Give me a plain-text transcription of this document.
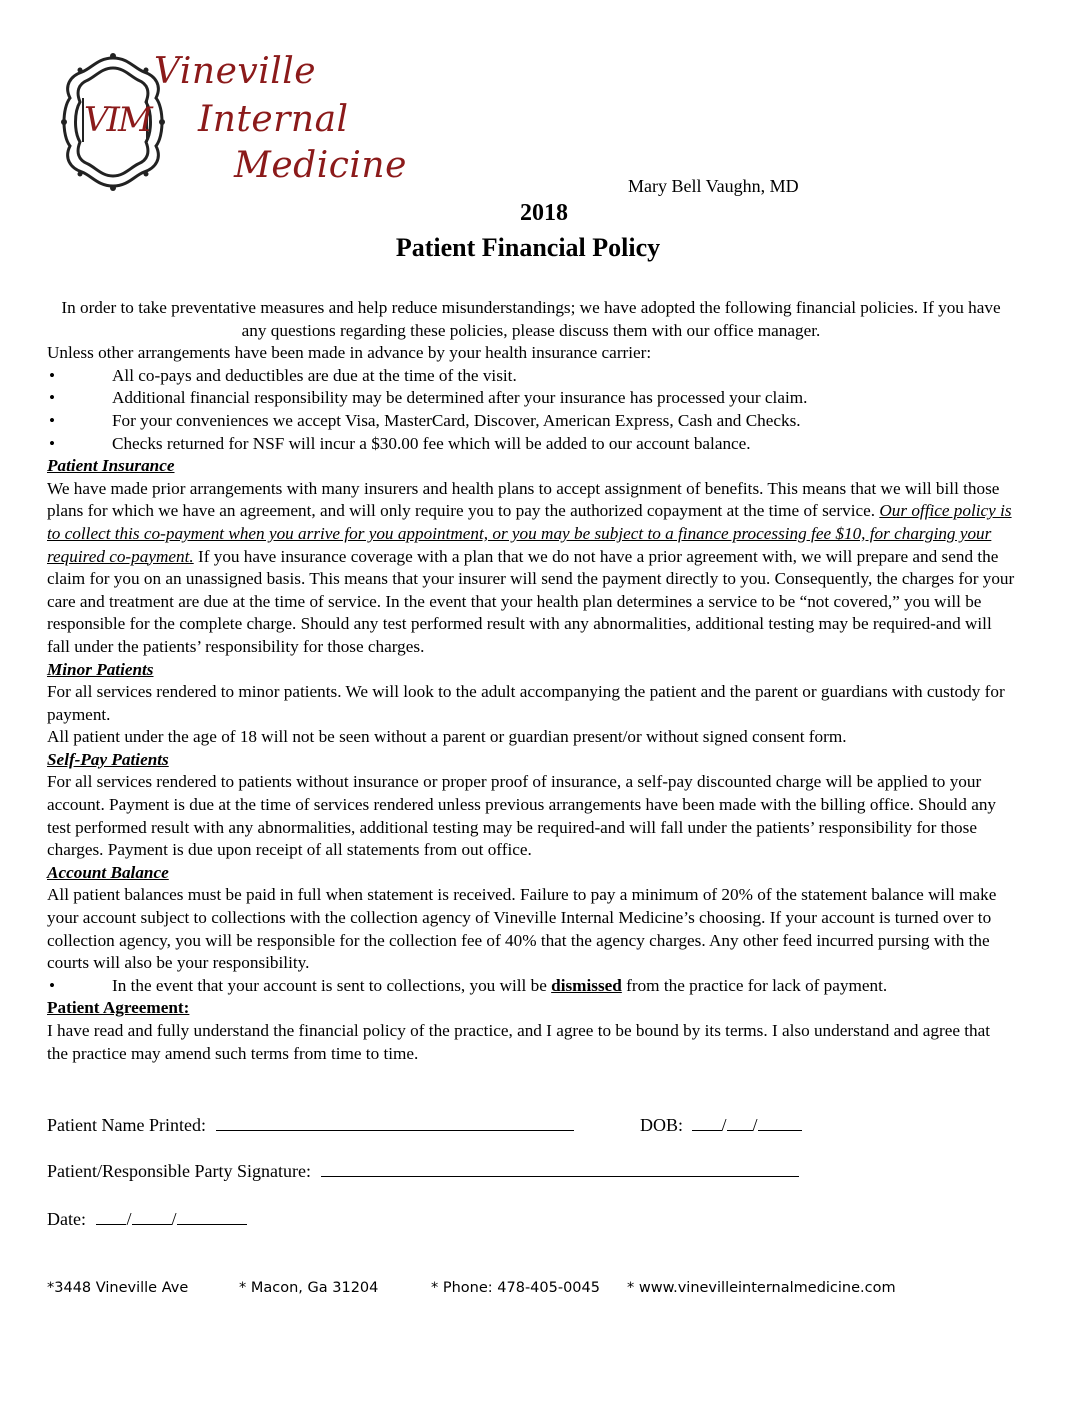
VIM
Vineville
Internal
Medicine	Mary Bell Vaughn, MD
2018
Patient Financial Policy

In order to take preventative measures and help reduce misunderstandings; we have adopted the following financial policies. If you have any questions regarding these policies, please discuss them with our office manager.

Unless other arrangements have been made in advance by your health insurance carrier:

• All co-pays and deductibles are due at the time of the visit.

• Additional financial responsibility may be determined after your insurance has processed your claim.

• For your conveniences we accept Visa, MasterCard, Discover, American Express, Cash and Checks.

• Checks returned for NSF will incur a $30.00 fee which will be added to our account balance.

Patient Insurance

We have made prior arrangements with many insurers and health plans to accept assignment of benefits. This means that we will bill those plans for which we have an agreement, and will only require you to pay the authorized copayment at the time of service. Our office policy is to collect this co-payment when you arrive for you appointment, or you may be subject to a finance processing fee $10, for charging your required co-payment. If you have insurance coverage with a plan that we do not have a prior agreement with, we will prepare and send the claim for you on an unassigned basis. This means that your insurer will send the payment directly to you. Consequently, the charges for your care and treatment are due at the time of service. In the event that your health plan determines a service to be “not covered,” you will be responsible for the complete charge. Should any test performed result with any abnormalities, additional testing may be required-and will fall under the patients’ responsibility for those charges.

Minor Patients

For all services rendered to minor patients. We will look to the adult accompanying the patient and the parent or guardians with custody for payment.

All patient under the age of 18 will not be seen without a parent or guardian present/or without signed consent form.

Self-Pay Patients

For all services rendered to patients without insurance or proper proof of insurance, a self-pay discounted charge will be applied to your account. Payment is due at the time of services rendered unless previous arrangements have been made with the billing office. Should any test performed result with any abnormalities, additional testing may be required-and will fall under the patients’ responsibility for those charges. Payment is due upon receipt of all statements from out office.

Account Balance

All patient balances must be paid in full when statement is received. Failure to pay a minimum of 20% of the statement balance will make your account subject to collections with the collection agency of Vineville Internal Medicine’s choosing. If your account is turned over to collection agency, you will be responsible for the collection fee of 40% that the agency charges. Any other feed incurred pursing with the courts will also be your responsibility.

• In the event that your account is sent to collections, you will be dismissed from the practice for lack of payment.

Patient Agreement:

I have read and fully understand the financial policy of the practice, and I agree to be bound by its terms. I also understand and agree that the practice may amend such terms from time to time.

Patient Name Printed:	DOB: / /
Patient/Responsible Party Signature:
Date: / /
*3448 Vineville Ave	* Macon, Ga 31204	* Phone: 478-405-0045 * www.vinevilleinternalmedicine.com
